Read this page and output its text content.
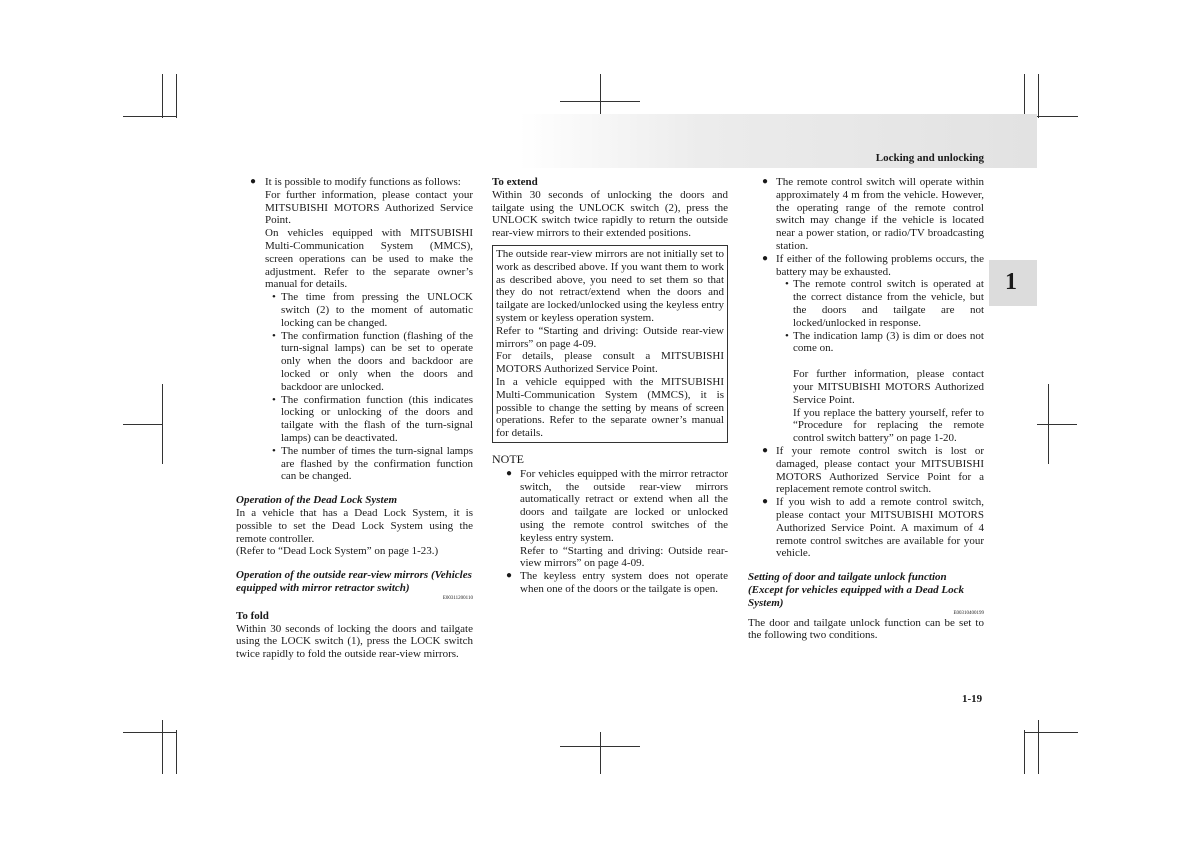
Locking and unlocking
1

● It is possible to modify functions as follows:

For further information, please contact your MITSUBISHI MOTORS Authorized Service Point.

On vehicles equipped with MITSUBISHI Multi-Communication System (MMCS), screen operations can be used to make the adjustment. Refer to the separate owner’s manual for details.

• The time from pressing the UNLOCK switch (2) to the moment of automatic locking can be changed.

• The confirmation function (flashing of the turn-signal lamps) can be set to operate only when the doors and backdoor are locked or only when the doors and backdoor are unlocked.

• The confirmation function (this indicates locking or unlocking of the doors and tailgate with the flash of the turn-signal lamps) can be deactivated.

• The number of times the turn-signal lamps are flashed by the confirmation function can be changed.

Operation of the Dead Lock System

In a vehicle that has a Dead Lock System, it is possible to set the Dead Lock System using the remote controller.

(Refer to “Dead Lock System” on page 1-23.)

Operation of the outside rear-view mirrors (Vehicles equipped with mirror retractor switch)

E00311200110

To fold

Within 30 seconds of locking the doors and tailgate using the LOCK switch (1), press the LOCK switch twice rapidly to fold the outside rear-view mirrors.

To extend

Within 30 seconds of unlocking the doors and tailgate using the UNLOCK switch (2), press the UNLOCK switch twice rapidly to return the outside rear-view mirrors to their extended positions.

The outside rear-view mirrors are not initially set to work as described above. If you want them to work as described above, you need to set them so that they do not retract/extend when the doors and tailgate are locked/unlocked using the keyless entry system or keyless operation system.

Refer to “Starting and driving: Outside rear-view mirrors” on page 4-09.

For details, please consult a MITSUBISHI MOTORS Authorized Service Point.

In a vehicle equipped with the MITSUBISHI Multi-Communication System (MMCS), it is possible to change the setting by means of screen operations. Refer to the separate owner’s manual for details.

NOTE

● For vehicles equipped with the mirror retractor switch, the outside rear-view mirrors automatically retract or extend when all the doors and tailgate are locked or unlocked using the remote control switches of the keyless entry system.

Refer to “Starting and driving: Outside rear-view mirrors” on page 4-09.

● The keyless entry system does not operate when one of the doors or the tailgate is open.

● The remote control switch will operate within approximately 4 m from the vehicle. However, the operating range of the remote control switch may change if the vehicle is located near a power station, or radio/TV broadcasting station.

● If either of the following problems occurs, the battery may be exhausted.

• The remote control switch is operated at the correct distance from the vehicle, but the doors and tailgate are not locked/unlocked in response.

• The indication lamp (3) is dim or does not come on.

For further information, please contact your MITSUBISHI MOTORS Authorized Service Point.

If you replace the battery yourself, refer to “Procedure for replacing the remote control switch battery” on page 1-20.

● If your remote control switch is lost or damaged, please contact your MITSUBISHI MOTORS Authorized Service Point for a replacement remote control switch.

● If you wish to add a remote control switch, please contact your MITSUBISHI MOTORS Authorized Service Point. A maximum of 4 remote control switches are available for your vehicle.

Setting of door and tailgate unlock function (Except for vehicles equipped with a Dead Lock System)

E00310400199

The door and tailgate unlock function can be set to the following two conditions.

1-19
